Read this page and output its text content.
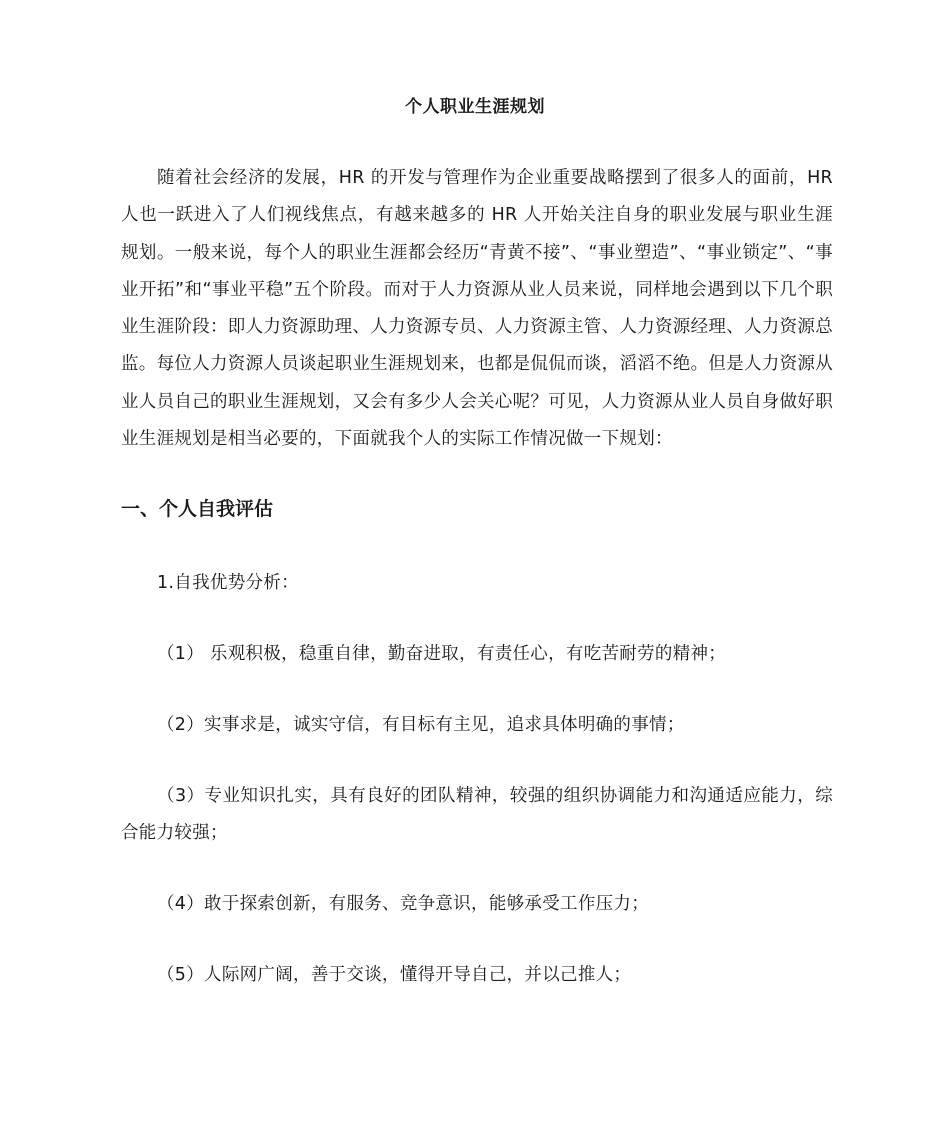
个人职业生涯规划

随着社会经济的发展，HR 的开发与管理作为企业重要战略摆到了很多人的面前，HR 人也一跃进入了人们视线焦点，有越来越多的 HR 人开始关注自身的职业发展与职业生涯规划。一般来说，每个人的职业生涯都会经历“青黄不接”、“事业塑造”、“事业锁定”、“事业开拓”和“事业平稳”五个阶段。而对于人力资源从业人员来说，同样地会遇到以下几个职业生涯阶段：即人力资源助理、人力资源专员、人力资源主管、人力资源经理、人力资源总监。每位人力资源人员谈起职业生涯规划来，也都是侃侃而谈，滔滔不绝。但是人力资源从业人员自己的职业生涯规划，又会有多少人会关心呢？可见，人力资源从业人员自身做好职业生涯规划是相当必要的，下面就我个人的实际工作情况做一下规划：

一、个人自我评估

1.自我优势分析：

（1） 乐观积极，稳重自律，勤奋进取，有责任心，有吃苦耐劳的精神；

（2）实事求是，诚实守信，有目标有主见，追求具体明确的事情；

（3）专业知识扎实，具有良好的团队精神，较强的组织协调能力和沟通适应能力，综合能力较强；

（4）敢于探索创新，有服务、竞争意识，能够承受工作压力；

（5）人际网广阔，善于交谈，懂得开导自己，并以己推人；
